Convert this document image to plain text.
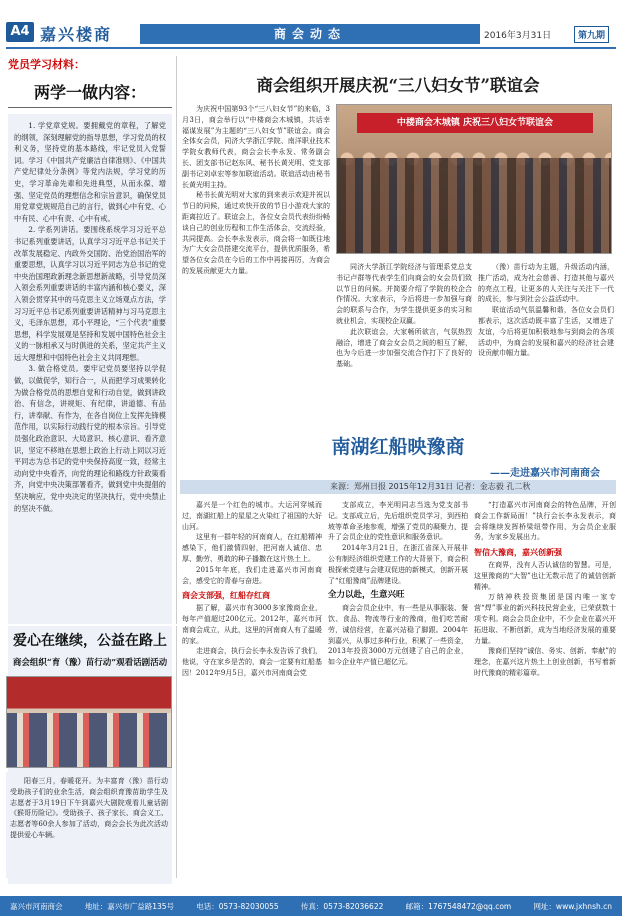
A4 嘉兴楼商	商会动态	2016年3月31日	第九期
党员学习材料：
两学一做内容：

1. 学党章党规。要拥戴党的章程，了解党的纲领，深刻理解党的指导思想，学习党员的权利义务，坚持党的基本路线，牢记党员入党誓词。学习《中国共产党廉洁自律准则》、《中国共产党纪律处分条例》等党内法规，学习党的历史，学习革命先辈和先进典型，从而永葆、增强、坚定党员的理想信念和宗旨意识，确保党员用党章党规规范自己的言行，做到心中有党、心中有民、心中有责、心中有戒。

2. 学系列讲话。要围绕系统学习习近平总书记系列重要讲话，认真学习习近平总书记关于改革发展稳定、内政外交国防、治党治国治军的重要思想，认真学习以习近平同志为总书记的党中央治国理政新理念新思想新战略，引导党员深入领会系列重要讲话的丰富内涵和核心要义，深入领会贯穿其中的马克思主义立场观点方法，学习习近平总书记系列重要讲话精神与习马克思主义，毛泽东思想，邓小平理论，“三个代表”重要思想，科学发展观是坚持和发展中国特色社会主义的一脉相承又与时俱进的关系，坚定共产主义远大理想和中国特色社会主义共同理想。

3. 做合格党员。要牢记党员要坚持以学促做，以做促学，知行合一，从而把学习成果转化为做合格党员的思想自觉和行动自觉，做到讲政治、有信念，讲规矩、有纪律，讲道德、有品行，讲奉献、有作为，在各自岗位上发挥先锋模范作用，以实际行动践行党的根本宗旨。引导党员强化政治意识、大局意识、核心意识、看齐意识，坚定不移地在思想上政治上行动上同以习近平同志为总书记的党中央保持高度一致，经常主动向党中央看齐，向党的理论和路线方针政策看齐，向党中央决策部署看齐，做到党中央提倡的坚决响应，党中央决定的坚决执行，党中央禁止的坚决不做。

商会组织开展庆祝“三八妇女节”联谊会

为庆祝中国第93个“三八妇女节”的来临，3月3日，商会举行以“中楼商会木城镇，共话幸福谋发展”为主题的“三八妇女节”联谊会。商会全体女会员，同济大学浙江学院、南洋职业技术学院女教师代表，商会会长李永发、常务副会长、团支部书记赵东风、秘书长黄光明、党支部副书记刘卓宏等参加联谊活动。联谊活动由秘书长黄光明主持。

秘书长黄光明对大家的到来表示欢迎并祝以节日的问候，通过欢快开放的节日小游戏大家的距离拉近了。联谊会上，各位女会员代表纷纷畅谈自己的创业历程和工作生活体会，交流经验，共同提高。会长李永发表示，商会将一如既往地为广大女会员搭建交流平台，提供优质服务，希望各位女会员在今后的工作中再接再厉，为商会的发展贡献更大力量。

中楼商会木城镇 庆祝三八妇女节联谊会

同济大学浙江学院经济与管理系党总支书记卢群等代表学生们向商会的女会员们致以节日的问候。并简要介绍了学院的校企合作情况。大家表示，今后将进一步加强与商会的联系与合作，为学生提供更多的实习和就业机会，实现校企双赢。

此次联谊会，大家畅所欲言，气氛热烈融洽，增进了商会女会员之间的相互了解，也为今后进一步加强交流合作打下了良好的基础。

（豫）苗行动为主题，升级活动内涵，推广活动，成为社会慈善、打造其他与嘉兴的亮点工程，让更多的人关注与关注下一代的成长，参与到社会公益活动中。

联谊活动气氛温馨和谐，各位女会员们都表示，这次活动既丰富了生活，又增进了友谊，今后将更加积极地参与到商会的各项活动中，为商会的发展和嘉兴的经济社会建设贡献巾帼力量。

南湖红船映豫商
——走进嘉兴市河南商会
来源：郑州日报 2015年12月31日 记者：金志毅 孔二秋

嘉兴是一个红色的城市。大运河穿城而过，南湖红船上的星星之火染红了祖国的大好山河。

这里有一群年轻的河南商人，在红船精神感染下，他们激情四射，把河南人诚信、忠厚、勤劳、勇敢的种子播撒在这片热土上。

2015年年底，我们走进嘉兴市河南商会，感受它的青春与奋进。

商会支部强，红船存红商

据了解，嘉兴市有3000多家豫商企业，每年产值超过200亿元。2012年，嘉兴市河南商会成立，从此，这里的河南商人有了温暖的家。

走进商会，执行会长李永发告诉了我们，他说，守在家乡是苦的，商会一定要有红船基因！2012年9月5日，嘉兴市河南商会党

支部成立，李光明同志当选为党支部书记。支部成立后，先后组织党员学习，到西柏坡等革命圣地参观，增强了党员的凝聚力，提升了会员企业的党性意识和服务意识。

2014年3月21日，在浙江省深入开展非公有制经济组织党建工作的大背景下，商会积极探索党建与会建双促进的新模式，创新开展了“红船豫商”品牌建设。

全力以赴，生意兴旺

商会会员企业中，有一些是从事服装、餐饮、食品、物流等行业的豫商，他们吃苦耐劳，诚信经营，在嘉兴站稳了脚跟。2004年到嘉兴，从事过多种行业，积累了一些资金，2013年投资3000万元创建了自己的企业，如今企业年产值已超亿元。

“打造嘉兴市河南商会的特色品牌，开创商会工作新局面！”执行会长李永发表示，商会将继续发挥桥梁纽带作用，为会员企业服务，为家乡发展出力。

智信大豫商，嘉兴创新强

在商界，没有人否认诚信的智慧。可是，这里豫商的“大智”也让无数示范了的诚信创新精神。

万纳神秩投资集团是国内唯一家专营“焊”事业的新兴科技民营企业，已荣获数十项专利。商会会员企业中，不少企业在嘉兴开拓进取、不断创新，成为当地经济发展的重要力量。

豫商们坚持“诚信、务实、创新、奉献”的理念，在嘉兴这片热土上创业创新，书写着新时代豫商的精彩篇章。

爱心在继续，公益在路上
商会组织“育（豫）苗行动”观看话剧活动

阳春三月，春暖花开。为丰富育（豫）苗行动受助孩子们的业余生活，商会组织育豫苗助学生及志愿者于3月19日下午到嘉兴大剧院观看儿童话剧《猴哥历险记》。受助孩子、孩子家长、商会义工、志愿者等60余人参加了活动，商会会长为此次活动提供爱心车辆。

嘉兴市河南商会	地址：嘉兴市广益路135号	电话：0573-82030055	传真：0573-82036622	邮箱：1767548472@qq.com	网址：www.jxhnsh.cn
